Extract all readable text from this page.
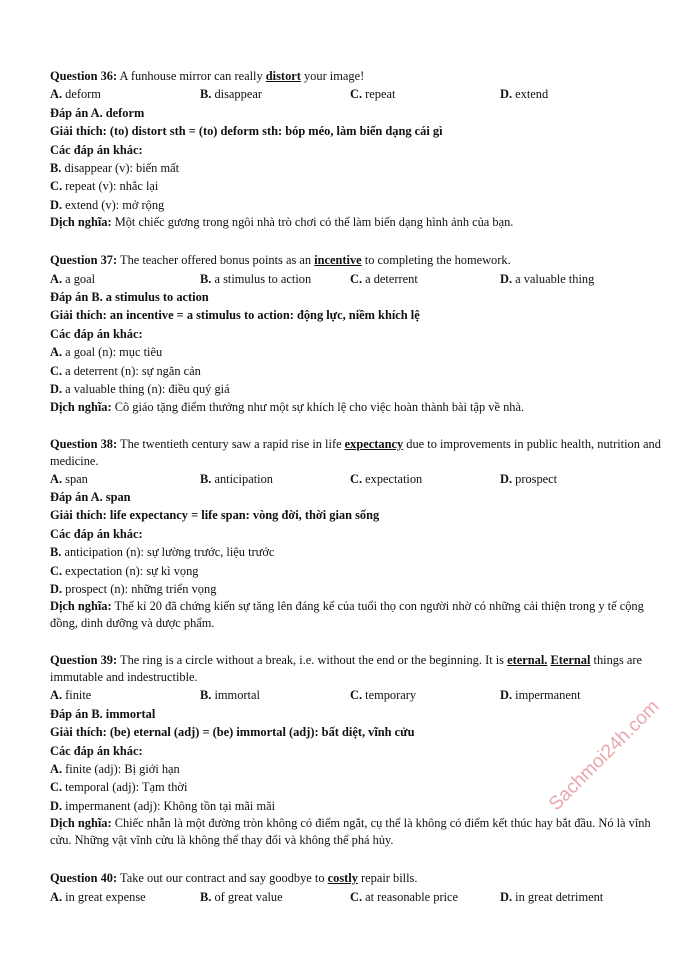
Question 36: A funhouse mirror can really distort your image!
A. deform	B. disappear	C. repeat	D. extend
Đáp án A. deform
Giải thích: (to) distort sth = (to) deform sth: bóp méo, làm biến dạng cái gì
Các đáp án khác:
B. disappear (v): biến mất
C. repeat (v): nhắc lại
D. extend (v): mở rộng
Dịch nghĩa: Một chiếc gương trong ngôi nhà trò chơi có thể làm biến dạng hình ảnh của bạn.
Question 37: The teacher offered bonus points as an incentive to completing the homework.
A. a goal	B. a stimulus to action	C. a deterrent	D. a valuable thing
Đáp án B. a stimulus to action
Giải thích: an incentive = a stimulus to action: động lực, niềm khích lệ
Các đáp án khác:
A. a goal (n): mục tiêu
C. a deterrent (n): sự ngăn cản
D. a valuable thing (n): điều quý giá
Dịch nghĩa: Cô giáo tặng điểm thưởng như một sự khích lệ cho việc hoàn thành bài tập về nhà.
Question 38: The twentieth century saw a rapid rise in life expectancy due to improvements in public health, nutrition and medicine.
A. span	B. anticipation	C. expectation	D. prospect
Đáp án A. span
Giải thích: life expectancy = life span: vòng đời, thời gian sống
Các đáp án khác:
B. anticipation (n): sự lường trước, liệu trước
C. expectation (n): sự kì vọng
D. prospect (n): những triển vọng
Dịch nghĩa: Thế kỉ 20 đã chứng kiến sự tăng lên đáng kể của tuổi thọ con người nhờ có những cải thiện trong y tế cộng đồng, dinh dưỡng và dược phẩm.
Question 39: The ring is a circle without a break, i.e. without the end or the beginning. It is eternal. Eternal things are immutable and indestructible.
A. finite	B. immortal	C. temporary	D. impermanent
Đáp án B. immortal
Giải thích: (be) eternal (adj) = (be) immortal (adj): bất diệt, vĩnh cửu
Các đáp án khác:
A. finite (adj): Bị giới hạn
C. temporal (adj): Tạm thời
D. impermanent (adj): Không tồn tại mãi mãi
Dịch nghĩa: Chiếc nhẫn là một đường tròn không có điểm ngắt, cụ thể là không có điểm kết thúc hay bắt đầu. Nó là vĩnh cửu. Những vật vĩnh cửu là không thể thay đổi và không thể phá hủy.
Question 40: Take out our contract and say goodbye to costly repair bills.
A. in great expense	B. of great value	C. at reasonable price	D. in great detriment
Sachmoi24h.com
